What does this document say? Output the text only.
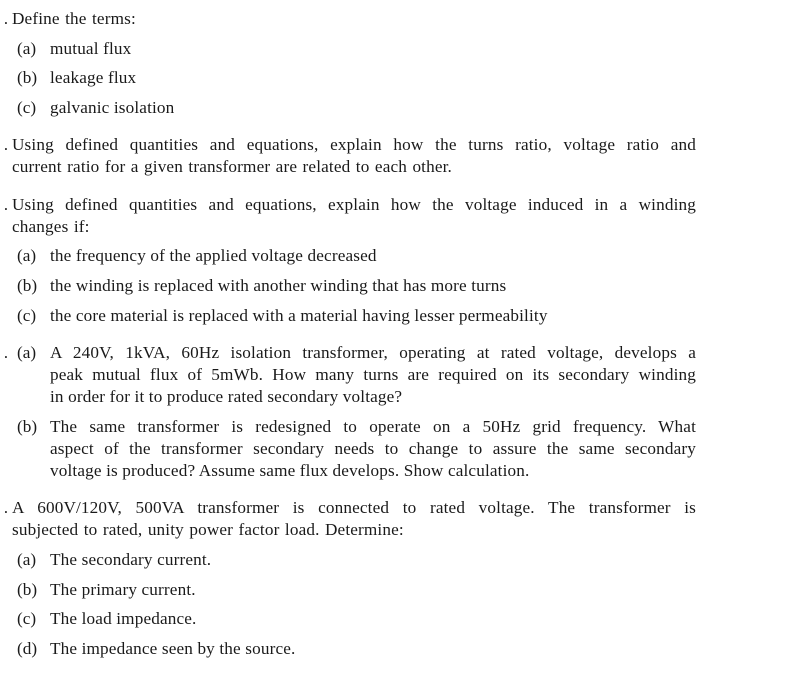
. Define the terms:
(a) mutual flux
(b) leakage flux
(c) galvanic isolation
. Using defined quantities and equations, explain how the turns ratio, voltage ratio and
current ratio for a given transformer are related to each other.
. Using defined quantities and equations, explain how the voltage induced in a winding
changes if:
(a) the frequency of the applied voltage decreased
(b) the winding is replaced with another winding that has more turns
(c) the core material is replaced with a material having lesser permeability
. (a) A 240V, 1kVA, 60Hz isolation transformer, operating at rated voltage, develops a
peak mutual flux of 5mWb. How many turns are required on its secondary winding
in order for it to produce rated secondary voltage?
(b) The same transformer is redesigned to operate on a 50Hz grid frequency. What
aspect of the transformer secondary needs to change to assure the same secondary
voltage is produced? Assume same flux develops. Show calculation.
. A 600V/120V, 500VA transformer is connected to rated voltage. The transformer is
subjected to rated, unity power factor load. Determine:
(a) The secondary current.
(b) The primary current.
(c) The load impedance.
(d) The impedance seen by the source.
